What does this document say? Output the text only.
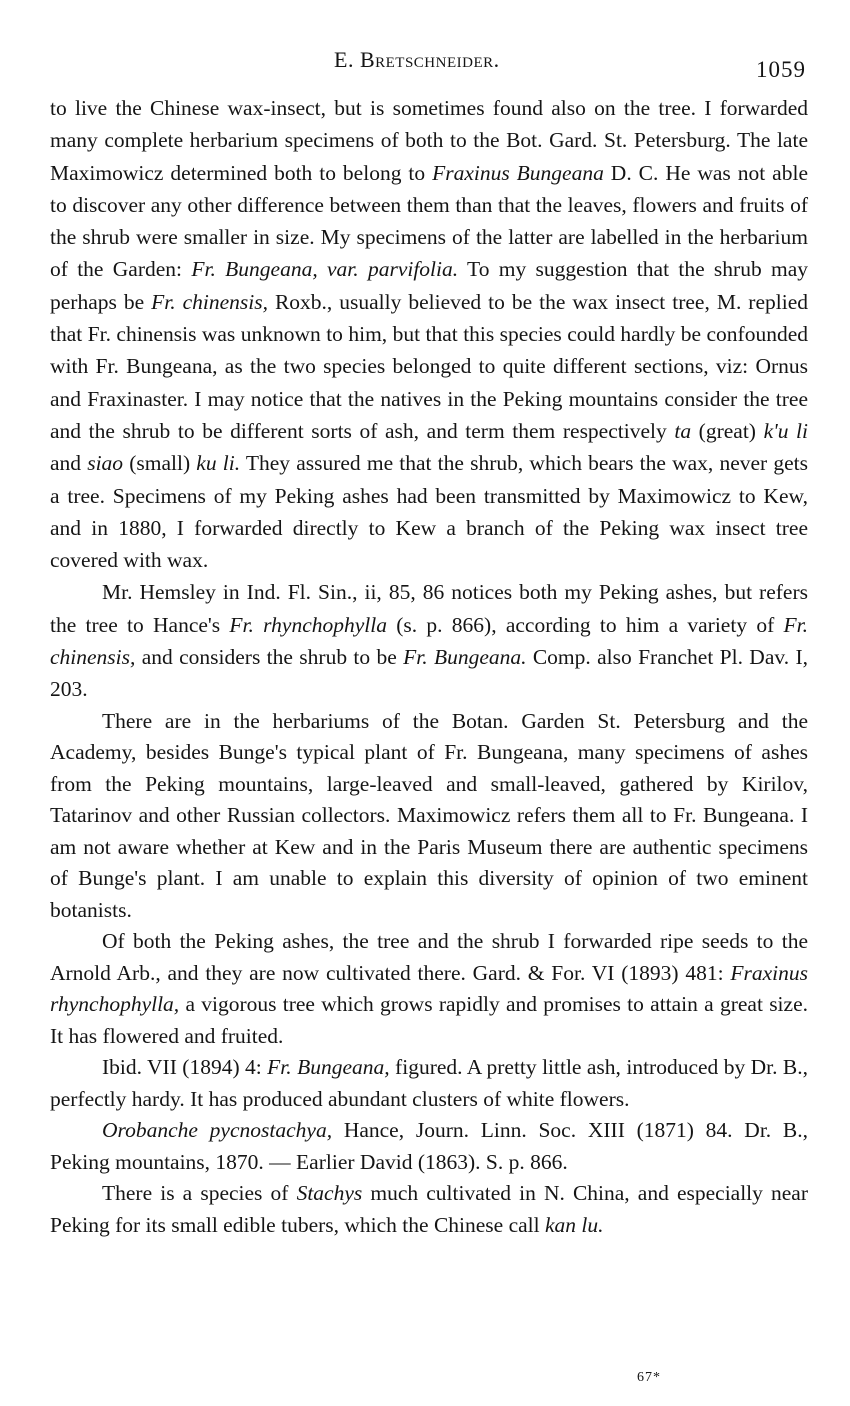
E. Bretschneider.	1059

to live the Chinese wax-insect, but is sometimes found also on the tree. I forwarded many complete herbarium specimens of both to the Bot. Gard. St. Petersburg. The late Maximowicz determined both to belong to Fraxinus Bungeana D. C. He was not able to discover any other difference between them than that the leaves, flowers and fruits of the shrub were smaller in size. My specimens of the latter are labelled in the herbarium of the Garden: Fr. Bungeana, var. parvifolia. To my suggestion that the shrub may perhaps be Fr. chinensis, Roxb., usually believed to be the wax insect tree, M. replied that Fr. chinensis was unknown to him, but that this species could hardly be confounded with Fr. Bungeana, as the two species belonged to quite different sections, viz: Ornus and Fraxinaster. I may notice that the natives in the Peking mountains consider the tree and the shrub to be different sorts of ash, and term them respectively ta (great) k'u li and siao (small) ku li. They assured me that the shrub, which bears the wax, never gets a tree. Specimens of my Peking ashes had been transmitted by Maximowicz to Kew, and in 1880, I forwarded directly to Kew a branch of the Peking wax insect tree covered with wax.

Mr. Hemsley in Ind. Fl. Sin., ii, 85, 86 notices both my Peking ashes, but refers the tree to Hance's Fr. rhynchophylla (s. p. 866), according to him a variety of Fr. chinensis, and considers the shrub to be Fr. Bungeana. Comp. also Franchet Pl. Dav. I, 203.

There are in the herbariums of the Botan. Garden St. Petersburg and the Academy, besides Bunge's typical plant of Fr. Bungeana, many specimens of ashes from the Peking mountains, large-leaved and small-leaved, gathered by Kirilov, Tatarinov and other Russian collectors. Maximowicz refers them all to Fr. Bungeana. I am not aware whether at Kew and in the Paris Museum there are authentic specimens of Bunge's plant. I am unable to explain this diversity of opinion of two eminent botanists.

Of both the Peking ashes, the tree and the shrub I forwarded ripe seeds to the Arnold Arb., and they are now cultivated there. Gard. & For. VI (1893) 481: Fraxinus rhynchophylla, a vigorous tree which grows rapidly and promises to attain a great size. It has flowered and fruited.

Ibid. VII (1894) 4: Fr. Bungeana, figured. A pretty little ash, introduced by Dr. B., perfectly hardy. It has produced abundant clusters of white flowers.

Orobanche pycnostachya, Hance, Journ. Linn. Soc. XIII (1871) 84. Dr. B., Peking mountains, 1870. — Earlier David (1863). S. p. 866.

There is a species of Stachys much cultivated in N. China, and especially near Peking for its small edible tubers, which the Chinese call kan lu.

67*
